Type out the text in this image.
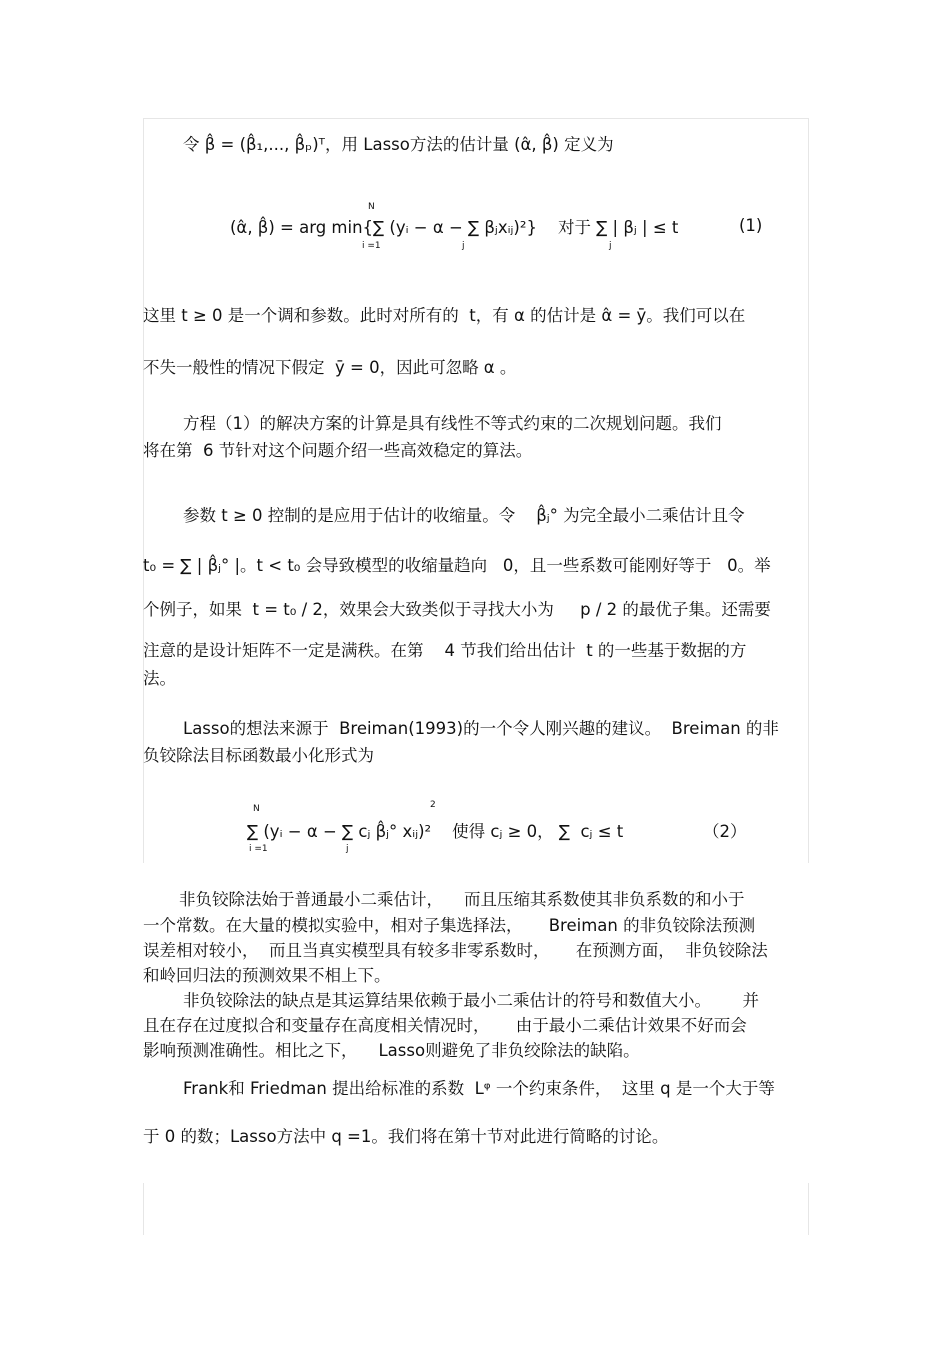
令 β̂ = (β̂₁,..., β̂ₚ)ᵀ，用 Lasso方法的估计量 (α̂, β̂) 定义为
N
(α̂, β̂) = arg min{∑ (yᵢ − α − ∑ βⱼxᵢⱼ)²}    对于 ∑ | βⱼ | ≤ t
i =1	j	j
(1)
这里 t ≥ 0 是一个调和参数。此时对所有的  t，有 α 的估计是 α̂ = ȳ。我们可以在
不失一般性的情况下假定  ȳ = 0，因此可忽略 α 。
方程（1）的解决方案的计算是具有线性不等式约束的二次规划问题。我们
将在第  6 节针对这个问题介绍一些高效稳定的算法。
参数 t ≥ 0 控制的是应用于估计的收缩量。令    β̂ⱼ° 为完全最小二乘估计且令
t₀ = ∑ | β̂ⱼ° |。t < t₀ 会导致模型的收缩量趋向   0，且一些系数可能刚好等于   0。举
个例子，如果  t = t₀ / 2，效果会大致类似于寻找大小为     p / 2 的最优子集。还需要
注意的是设计矩阵不一定是满秩。在第    4 节我们给出估计  t 的一些基于数据的方
法。
Lasso的想法来源于  Breiman(1993)的一个令人刚兴趣的建议。  Breiman 的非
负铰除法目标函数最小化形式为
N	2
∑ (yᵢ − α − ∑ cⱼ β̂ⱼ° xᵢⱼ)²    使得 cⱼ ≥ 0， ∑  cⱼ ≤ t
i =1	j
（2）
非负铰除法始于普通最小二乘估计，    而且压缩其系数使其非负系数的和小于
一个常数。在大量的模拟实验中，相对子集选择法，     Breiman 的非负铰除法预测
误差相对较小，  而且当真实模型具有较多非零系数时，     在预测方面，  非负铰除法
和岭回归法的预测效果不相上下。
非负铰除法的缺点是其运算结果依赖于最小二乘估计的符号和数值大小。      并
且在存在过度拟合和变量存在高度相关情况时，     由于最小二乘估计效果不好而会
影响预测准确性。相比之下，    Lasso则避免了非负绞除法的缺陷。
Frank和 Friedman 提出给标准的系数  Lᵠ 一个约束条件，  这里 q 是一个大于等
于 0 的数；Lasso方法中 q =1。我们将在第十节对此进行简略的讨论。
